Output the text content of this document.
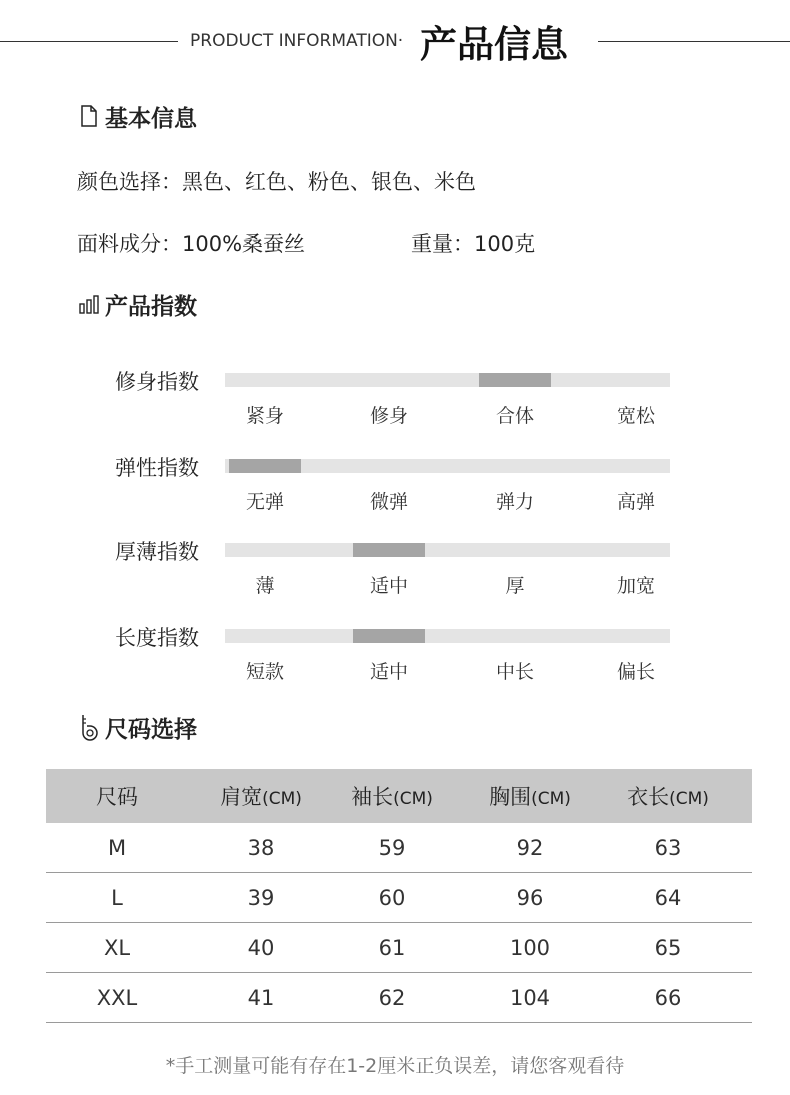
PRODUCT INFORMATION· 产品信息
基本信息
颜色选择：黑色、红色、粉色、银色、米色
面料成分：100%桑蚕丝	重量：100克
产品指数
修身指数
紧身	修身	合体	宽松
弹性指数
无弹	微弹	弹力	高弹
厚薄指数
薄	适中	厚	加宽
长度指数
短款	适中	中长	偏长
尺码选择
尺码	肩宽(CM)	袖长(CM)	胸围(CM)	衣长(CM)
M	38	59	92	63
L	39	60	96	64
XL	40	61	100	65
XXL	41	62	104	66
*手工测量可能有存在1-2厘米正负误差，请您客观看待
